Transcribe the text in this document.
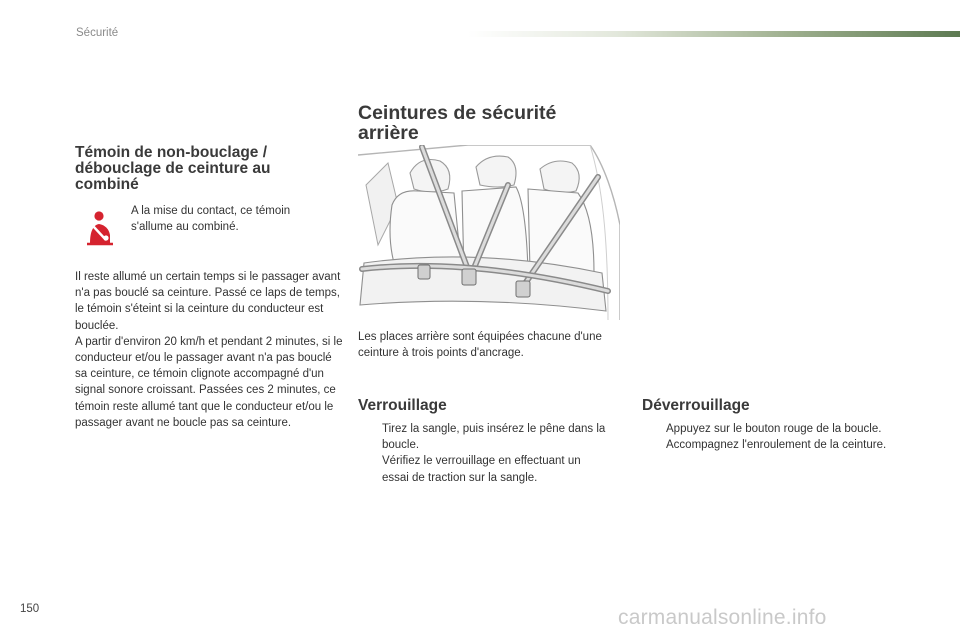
Sécurité
Témoin de non-bouclage / débouclage de ceinture au combiné
A la mise du contact, ce témoin s'allume au combiné.

Il reste allumé un certain temps si le passager avant n'a pas bouclé sa ceinture. Passé ce laps de temps, le témoin s'éteint si la ceinture du conducteur est bouclée.

A partir d'environ 20 km/h et pendant 2 minutes, si le conducteur et/ou le passager avant n'a pas bouclé sa ceinture, ce témoin clignote accompagné d'un signal sonore croissant. Passées ces 2 minutes, ce témoin reste allumé tant que le conducteur et/ou le passager avant ne boucle pas sa ceinture.

Ceintures de sécurité arrière
Les places arrière sont équipées chacune d'une ceinture à trois points d'ancrage.
Verrouillage
Tirez la sangle, puis insérez le pêne dans la boucle.
Vérifiez le verrouillage en effectuant un essai de traction sur la sangle.
Déverrouillage
Appuyez sur le bouton rouge de la boucle.
Accompagnez l'enroulement de la ceinture.
150	carmanualsonline.info
